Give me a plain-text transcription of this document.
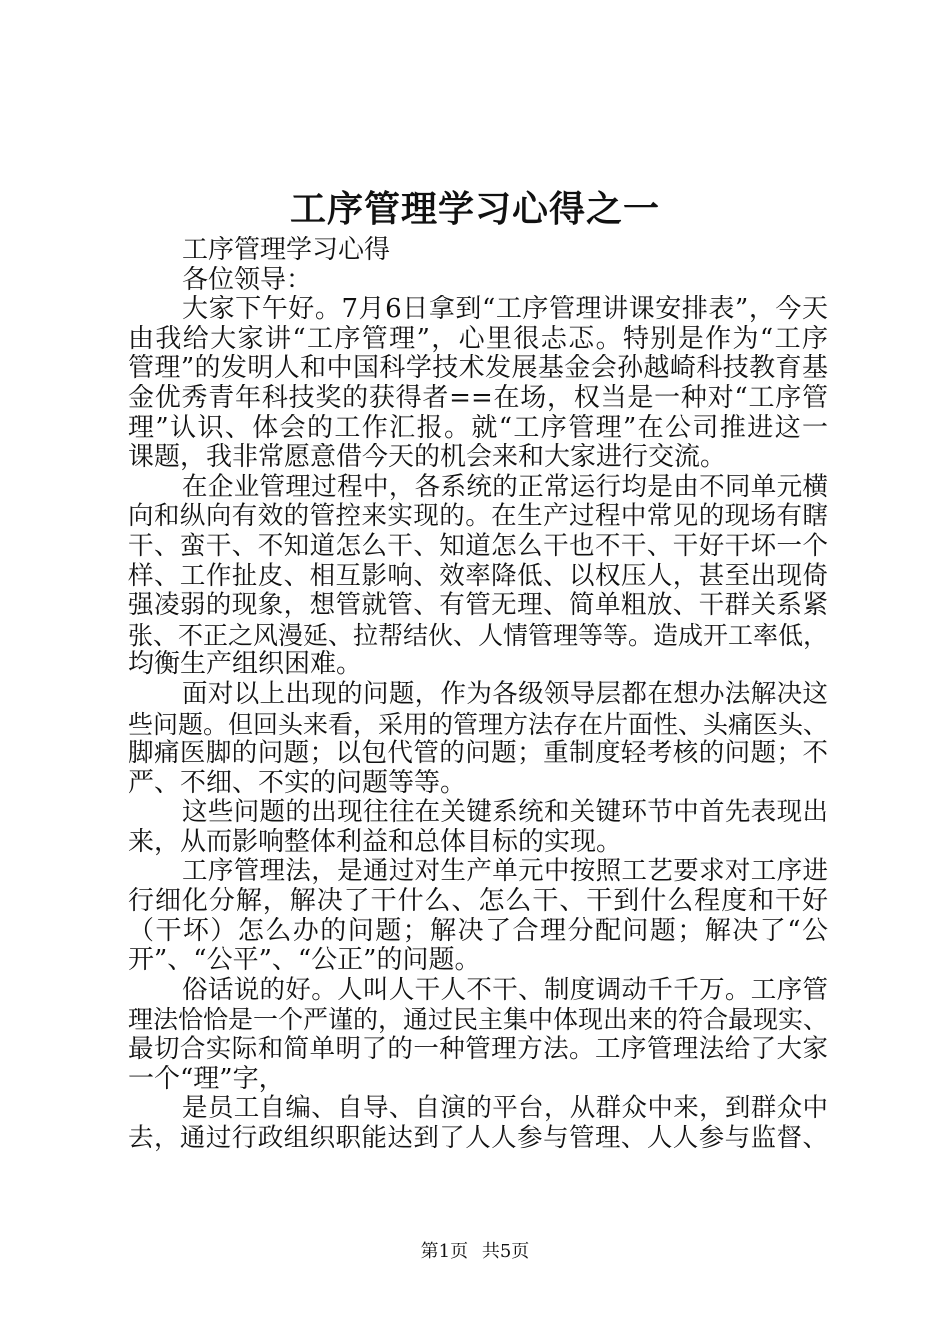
工序管理学习心得之一
工序管理学习心得
各位领导：
大家下午好。7月6日拿到“工序管理讲课安排表”，今天
由我给大家讲“工序管理”，心里很忐忑。特别是作为“工序
管理”的发明人和中国科学技术发展基金会孙越崎科技教育基
金优秀青年科技奖的获得者==在场，权当是一种对“工序管
理”认识、体会的工作汇报。就“工序管理”在公司推进这一
课题，我非常愿意借今天的机会来和大家进行交流。
在企业管理过程中，各系统的正常运行均是由不同单元横
向和纵向有效的管控来实现的。在生产过程中常见的现场有瞎
干、蛮干、不知道怎么干、知道怎么干也不干、干好干坏一个
样、工作扯皮、相互影响、效率降低、以权压人，甚至出现倚
强凌弱的现象，想管就管、有管无理、简单粗放、干群关系紧
张、不正之风漫延、拉帮结伙、人情管理等等。造成开工率低，
均衡生产组织困难。
面对以上出现的问题，作为各级领导层都在想办法解决这
些问题。但回头来看，采用的管理方法存在片面性、头痛医头、
脚痛医脚的问题；以包代管的问题；重制度轻考核的问题；不
严、不细、不实的问题等等。
这些问题的出现往往在关键系统和关键环节中首先表现出
来，从而影响整体利益和总体目标的实现。
工序管理法，是通过对生产单元中按照工艺要求对工序进
行细化分解，解决了干什么、怎么干、干到什么程度和干好
（干坏）怎么办的问题；解决了合理分配问题；解决了“公
开”、“公平”、“公正”的问题。
俗话说的好。人叫人干人不干、制度调动千千万。工序管
理法恰恰是一个严谨的，通过民主集中体现出来的符合最现实、
最切合实际和简单明了的一种管理方法。工序管理法给了大家
一个“理”字，
是员工自编、自导、自演的平台，从群众中来，到群众中
去，通过行政组织职能达到了人人参与管理、人人参与监督、
第1页 共5页
